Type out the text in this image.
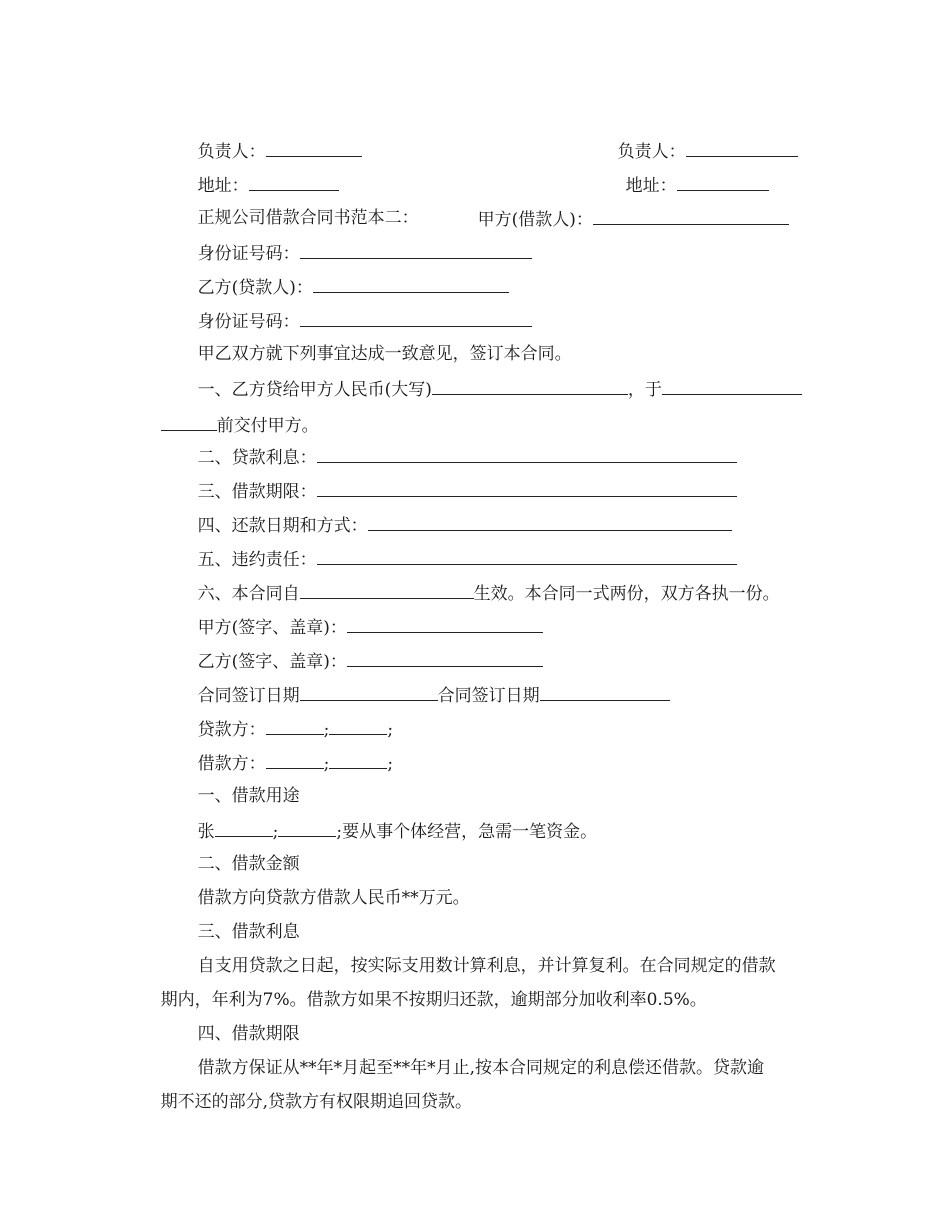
负责人：
	负责人：

地址：
	地址：

正规公司借款合同书范本二：
	甲方(借款人)：

身份证号码：

乙方(贷款人)：

身份证号码：

甲乙双方就下列事宜达成一致意见，签订本合同。

一、乙方贷给甲方人民币(大写)	，于

前交付甲方。

二、贷款利息：

三、借款期限：

四、还款日期和方式：

五、违约责任：

六、本合同自	生效。本合同一式两份，双方各执一份。

甲方(签字、盖章)：

乙方(签字、盖章)：

合同签订日期	合同签订日期

贷款方：	;	;

借款方：	;	;

一、借款用途

张	;	;要从事个体经营，急需一笔资金。

二、借款金额

借款方向贷款方借款人民币**万元。

三、借款利息

自支用贷款之日起，按实际支用数计算利息，并计算复利。在合同规定的借款

期内，年利为7%。借款方如果不按期归还款，逾期部分加收利率0.5%。

四、借款期限

借款方保证从**年*月起至**年*月止,按本合同规定的利息偿还借款。贷款逾

期不还的部分,贷款方有权限期追回贷款。
